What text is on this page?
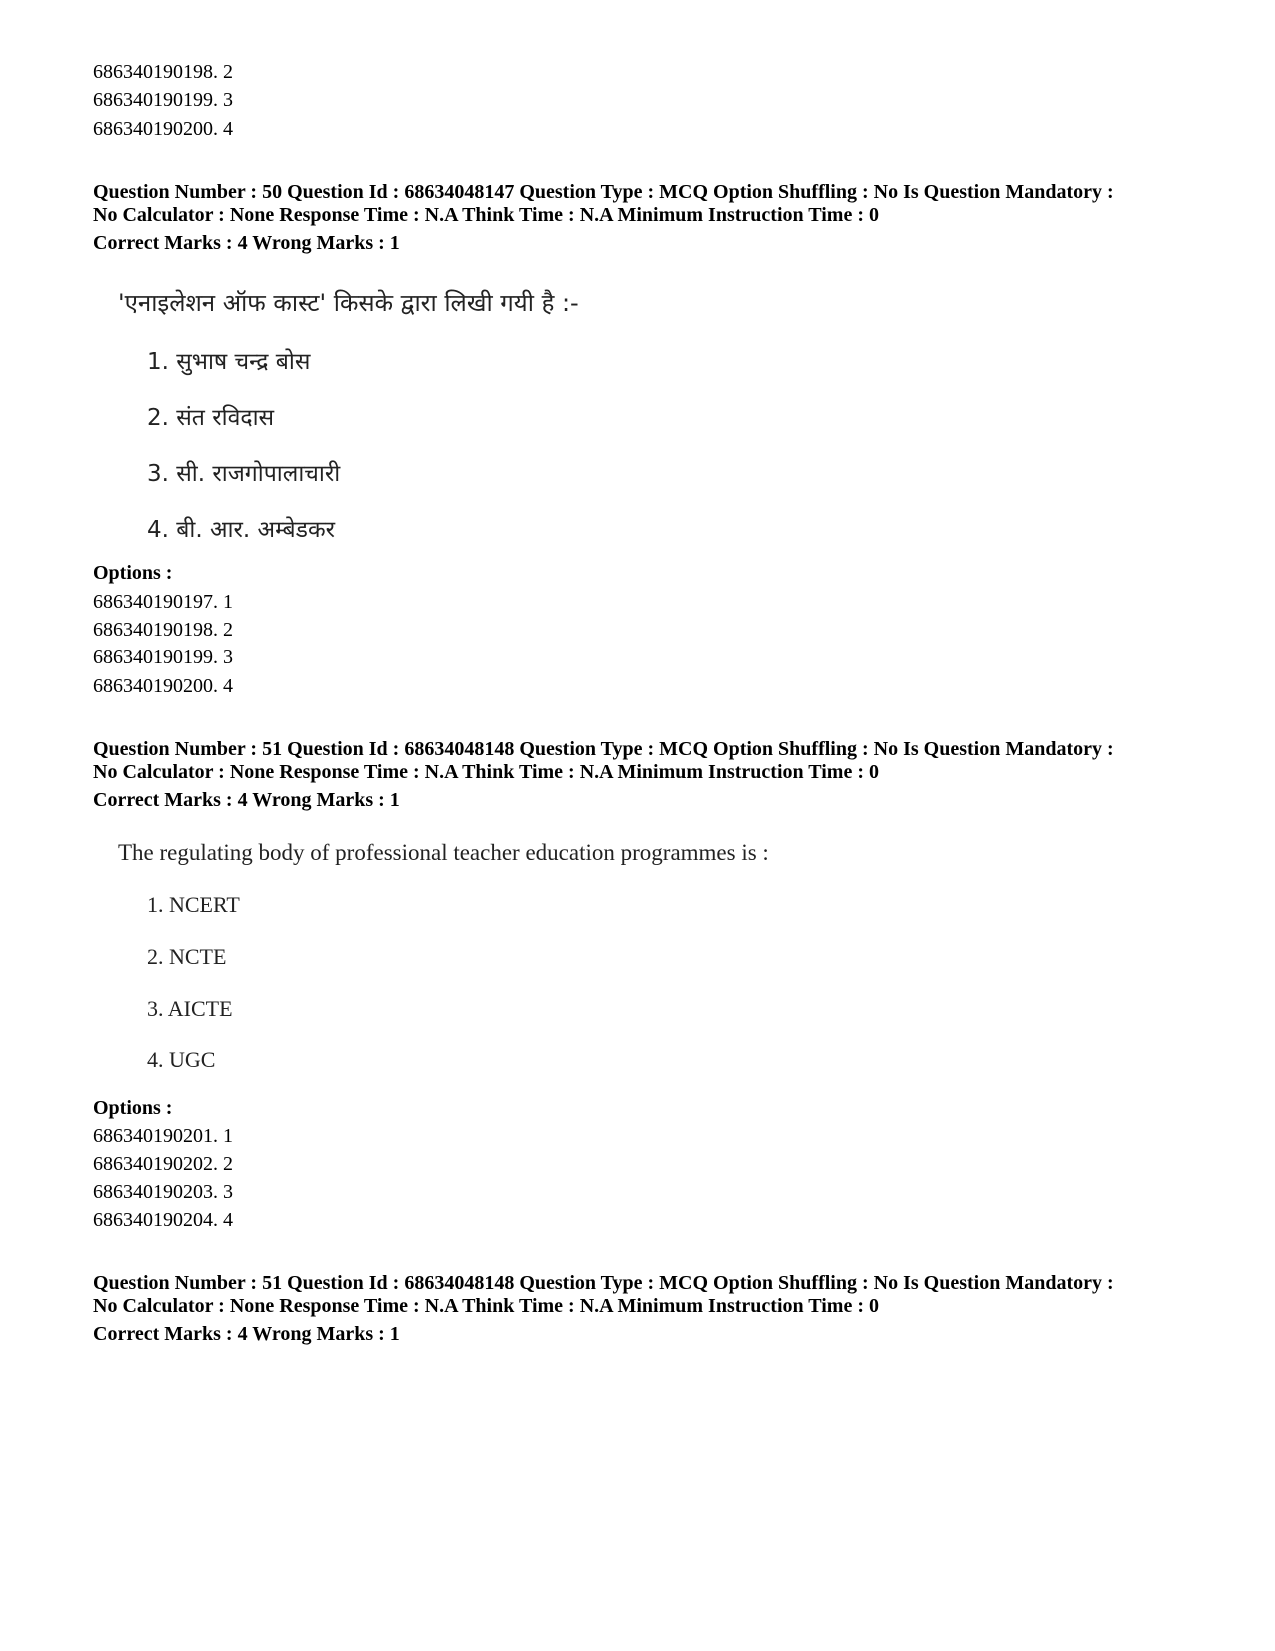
686340190198. 2
686340190199. 3
686340190200. 4
Question Number : 50 Question Id : 68634048147 Question Type : MCQ Option Shuffling : No Is Question Mandatory :
No Calculator : None Response Time : N.A Think Time : N.A Minimum Instruction Time : 0
Correct Marks : 4 Wrong Marks : 1
'एनाइलेशन ऑफ कास्ट' किसके द्वारा लिखी गयी है :-
1. सुभाष चन्द्र बोस
2. संत रविदास
3. सी. राजगोपालाचारी
4. बी. आर. अम्बेडकर
Options :
686340190197. 1
686340190198. 2
686340190199. 3
686340190200. 4
Question Number : 51 Question Id : 68634048148 Question Type : MCQ Option Shuffling : No Is Question Mandatory :
No Calculator : None Response Time : N.A Think Time : N.A Minimum Instruction Time : 0
Correct Marks : 4 Wrong Marks : 1
The regulating body of professional teacher education programmes is :
1. NCERT
2. NCTE
3. AICTE
4. UGC
Options :
686340190201. 1
686340190202. 2
686340190203. 3
686340190204. 4
Question Number : 51 Question Id : 68634048148 Question Type : MCQ Option Shuffling : No Is Question Mandatory :
No Calculator : None Response Time : N.A Think Time : N.A Minimum Instruction Time : 0
Correct Marks : 4 Wrong Marks : 1
